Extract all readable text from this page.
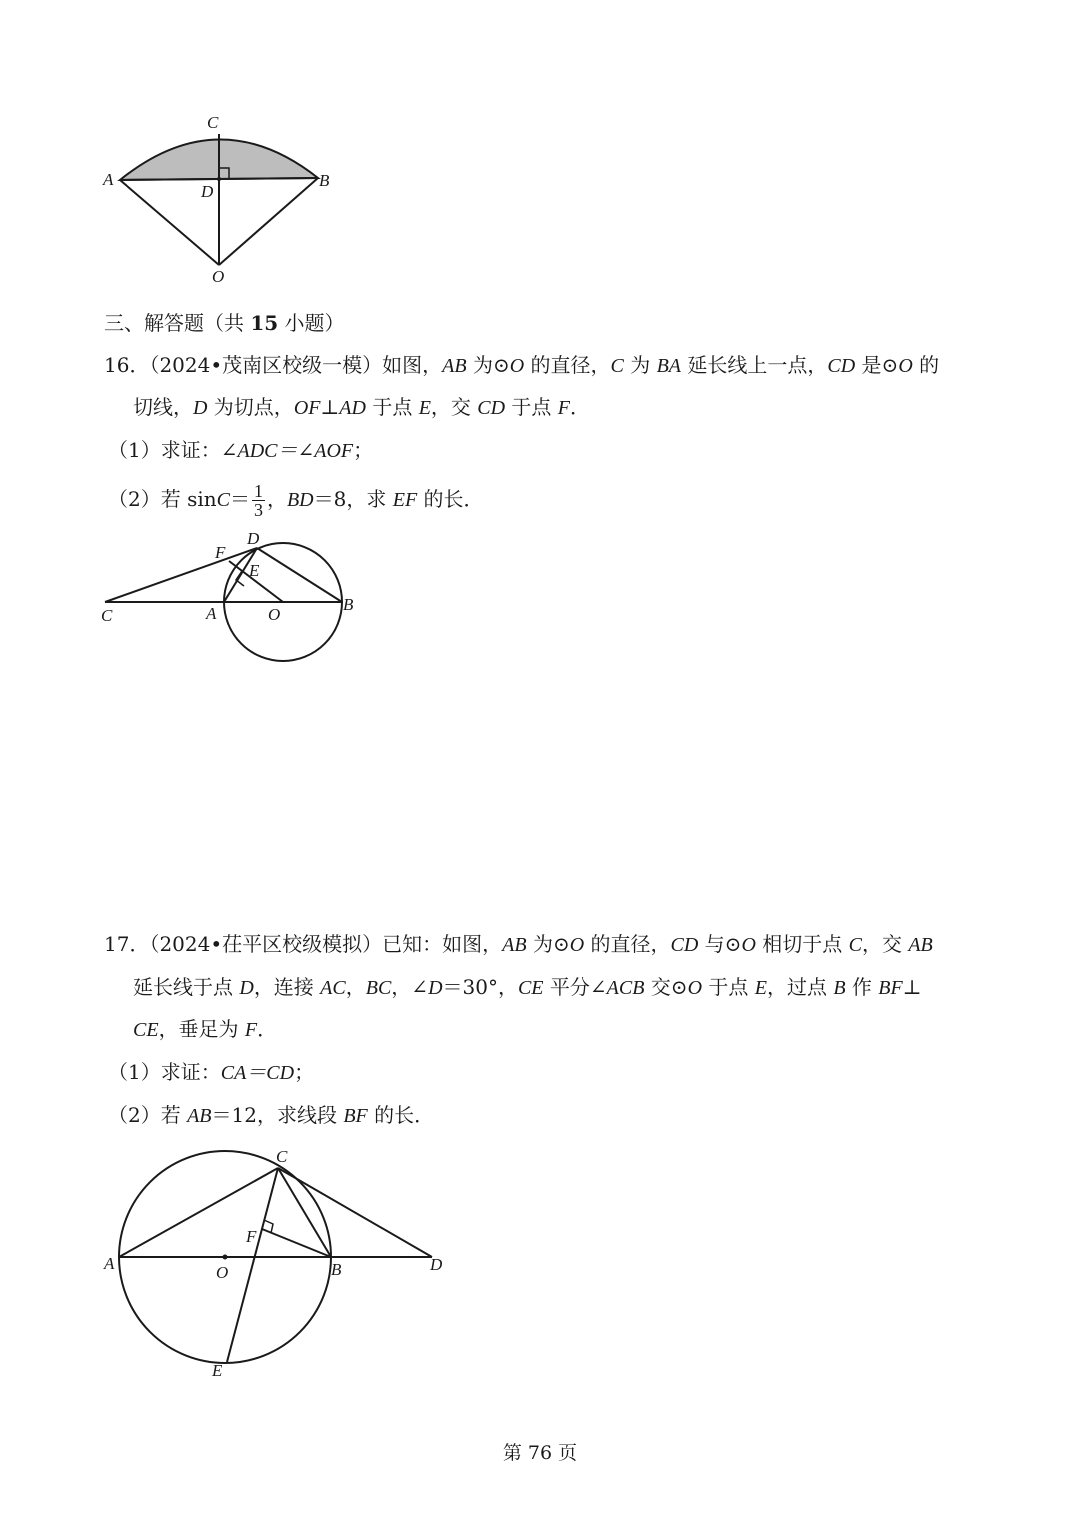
C
A	B
D
O
三、解答题（共 15 小题）
16．（2024•茂南区校级一模）如图，AB 为⊙O 的直径，C 为 BA 延长线上一点，CD 是⊙O 的
切线，D 为切点，OF⊥AD 于点 E，交 CD 于点 F．
（1）求证：∠ADC＝∠AOF；
（2）若 $\sin C= \frac{1}{3}$ ，BD＝8，求 EF 的长．
F
D
E
C	A	O
B
17．（2024•茌平区校级模拟）已知：如图，AB 为⊙O 的直径，CD 与⊙O 相切于点 C，交 AB
延长线于点 D，连接 AC，BC，∠D＝30°，CE 平分∠ACB 交⊙O 于点 E，过点 B 作 BF⊥
CE，垂足为 F．
（1）求证：CA＝CD；
（2）若 AB＝12，求线段 BF 的长．
C
F
A	O	B	D
E
第 76 页
